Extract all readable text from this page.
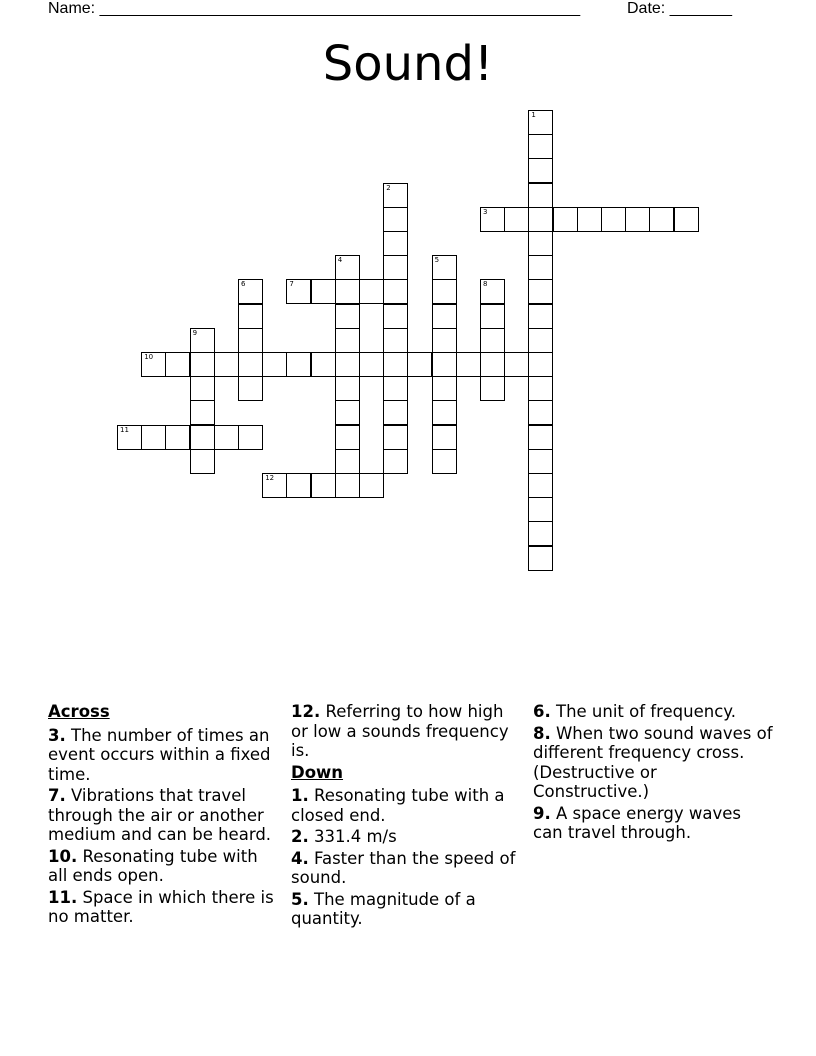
Name: ______________________________________________________	Date: _______
Sound!
1
2
3
4	5
6	7	8
9
10
11
12
Across
3. The number of times an event occurs within a fixed time.
7. Vibrations that travel through the air or another medium and can be heard.
10. Resonating tube with all ends open.
11. Space in which there is no matter.
12. Referring to how high or low a sounds frequency is.
Down
1. Resonating tube with a closed end.
2. 331.4 m/s
4. Faster than the speed of sound.
5. The magnitude of a quantity.
6. The unit of frequency.
8. When two sound waves of different frequency cross. (Destructive or Constructive.)
9. A space energy waves can travel through.
